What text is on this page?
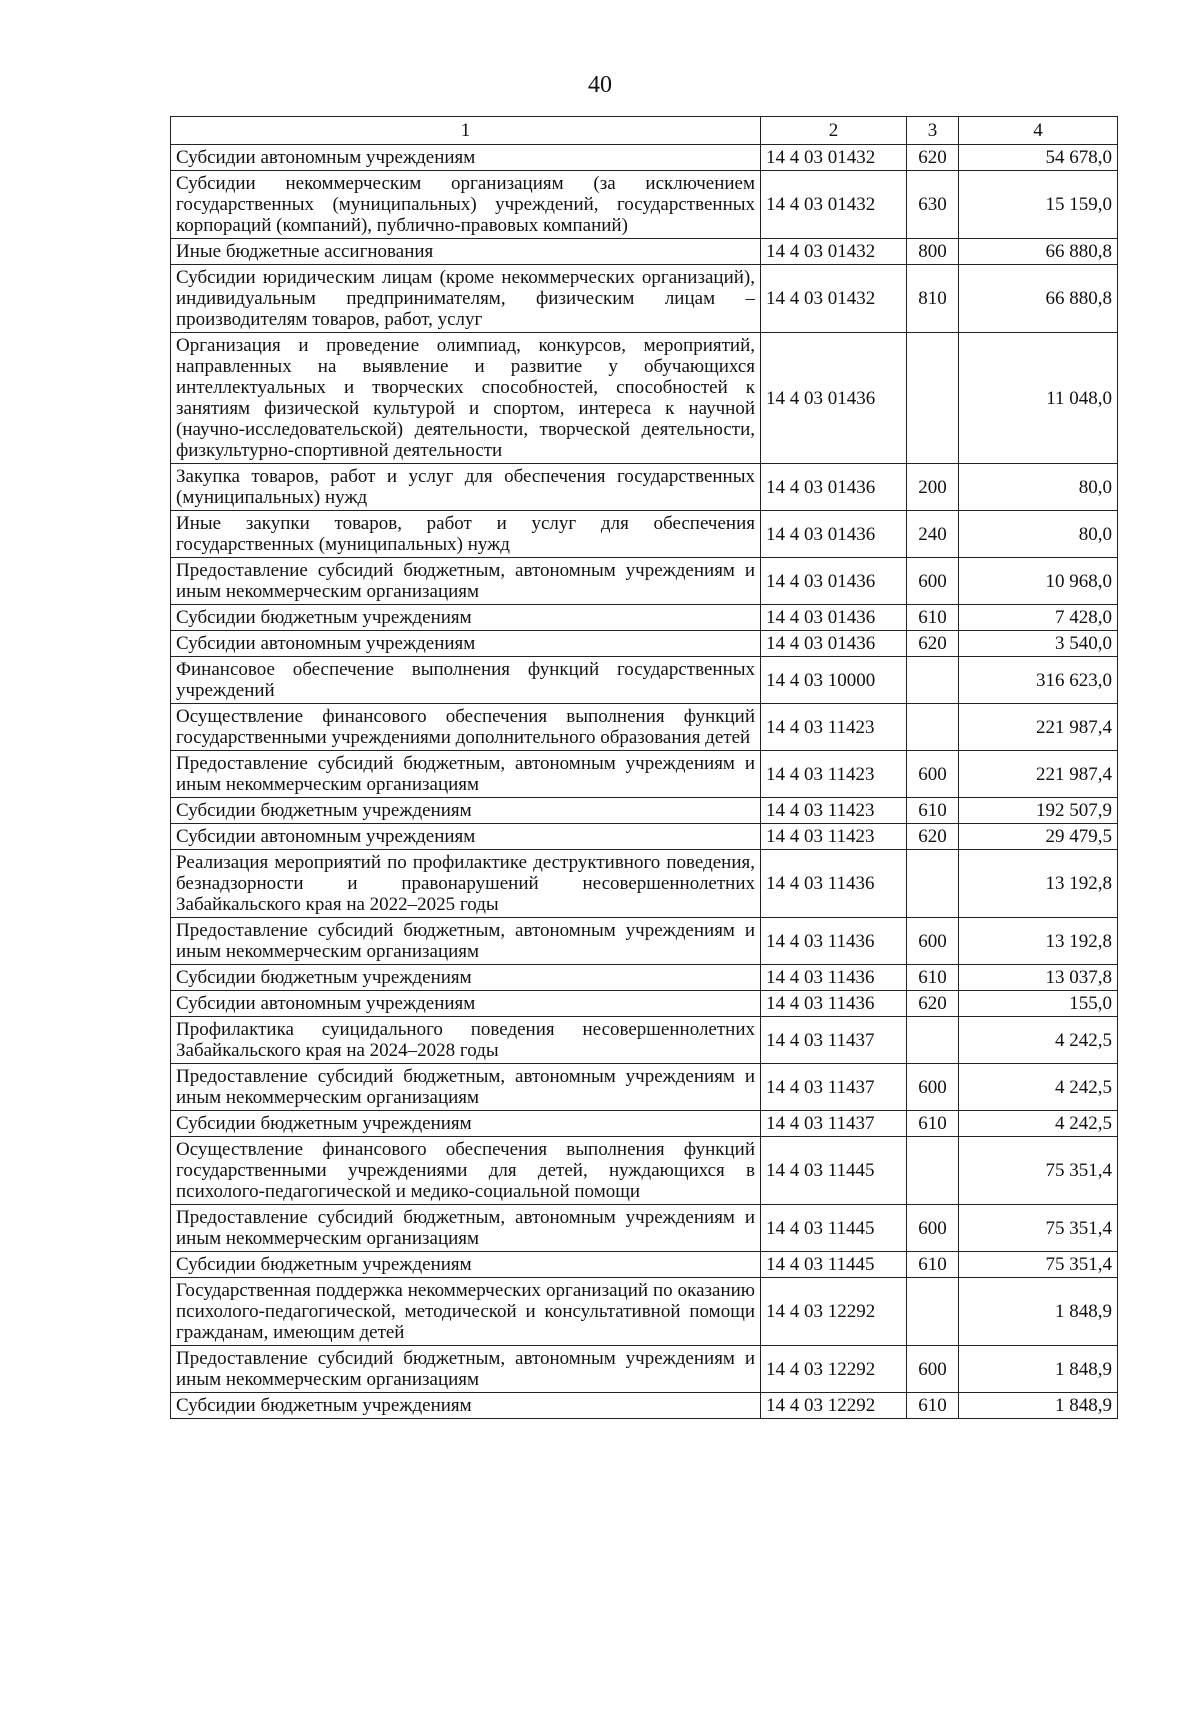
40
1	2	3	4
Субсидии автономным учреждениям	14 4 03 01432	620	54 678,0
Субсидии некоммерческим организациям (за исключением государственных (муниципальных) учреждений, государственных корпораций (компаний), публично-правовых компаний)	14 4 03 01432	630	15 159,0
Иные бюджетные ассигнования	14 4 03 01432	800	66 880,8
Субсидии юридическим лицам (кроме некоммерческих организаций), индивидуальным предпринимателям, физическим лицам – производителям товаров, работ, услуг	14 4 03 01432	810	66 880,8
Организация и проведение олимпиад, конкурсов, мероприятий, направленных на выявление и развитие у обучающихся интеллектуальных и творческих способностей, способностей к занятиям физической культурой и спортом, интереса к научной (научно-исследовательской) деятельности, творческой деятельности, физкультурно-спортивной деятельности	14 4 03 01436		11 048,0
Закупка товаров, работ и услуг для обеспечения государственных (муниципальных) нужд	14 4 03 01436	200	80,0
Иные закупки товаров, работ и услуг для обеспечения государственных (муниципальных) нужд	14 4 03 01436	240	80,0
Предоставление субсидий бюджетным, автономным учреждениям и иным некоммерческим организациям	14 4 03 01436	600	10 968,0
Субсидии бюджетным учреждениям	14 4 03 01436	610	7 428,0
Субсидии автономным учреждениям	14 4 03 01436	620	3 540,0
Финансовое обеспечение выполнения функций государственных учреждений	14 4 03 10000		316 623,0
Осуществление финансового обеспечения выполнения функций государственными учреждениями дополнительного образования детей	14 4 03 11423		221 987,4
Предоставление субсидий бюджетным, автономным учреждениям и иным некоммерческим организациям	14 4 03 11423	600	221 987,4
Субсидии бюджетным учреждениям	14 4 03 11423	610	192 507,9
Субсидии автономным учреждениям	14 4 03 11423	620	29 479,5
Реализация мероприятий по профилактике деструктивного поведения, безнадзорности и правонарушений несовершеннолетних Забайкальского края на 2022–2025 годы	14 4 03 11436		13 192,8
Предоставление субсидий бюджетным, автономным учреждениям и иным некоммерческим организациям	14 4 03 11436	600	13 192,8
Субсидии бюджетным учреждениям	14 4 03 11436	610	13 037,8
Субсидии автономным учреждениям	14 4 03 11436	620	155,0
Профилактика суицидального поведения несовершеннолетних Забайкальского края на 2024–2028 годы	14 4 03 11437		4 242,5
Предоставление субсидий бюджетным, автономным учреждениям и иным некоммерческим организациям	14 4 03 11437	600	4 242,5
Субсидии бюджетным учреждениям	14 4 03 11437	610	4 242,5
Осуществление финансового обеспечения выполнения функций государственными учреждениями для детей, нуждающихся в психолого-педагогической и медико-социальной помощи	14 4 03 11445		75 351,4
Предоставление субсидий бюджетным, автономным учреждениям и иным некоммерческим организациям	14 4 03 11445	600	75 351,4
Субсидии бюджетным учреждениям	14 4 03 11445	610	75 351,4
Государственная поддержка некоммерческих организаций по оказанию психолого-педагогической, методической и консультативной помощи гражданам, имеющим детей	14 4 03 12292		1 848,9
Предоставление субсидий бюджетным, автономным учреждениям и иным некоммерческим организациям	14 4 03 12292	600	1 848,9
Субсидии бюджетным учреждениям	14 4 03 12292	610	1 848,9
